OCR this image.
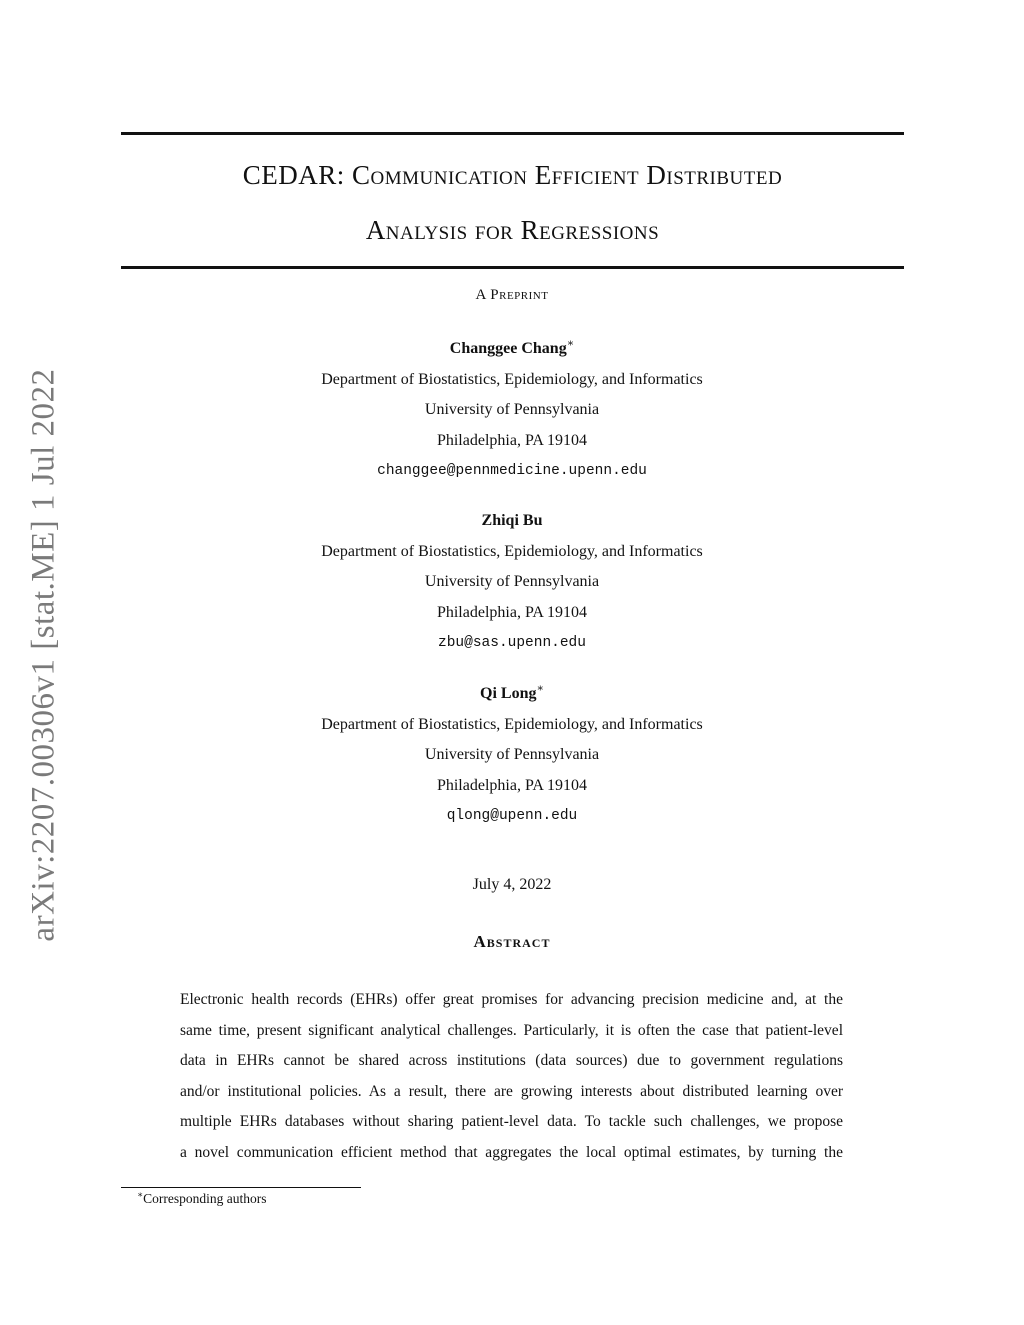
arXiv:2207.00306v1 [stat.ME] 1 Jul 2022
CEDAR: Communication Efficient Distributed
Analysis for Regressions
A Preprint
Changgee Chang∗
Department of Biostatistics, Epidemiology, and Informatics
University of Pennsylvania
Philadelphia, PA 19104
changgee@pennmedicine.upenn.edu
Zhiqi Bu
Department of Biostatistics, Epidemiology, and Informatics
University of Pennsylvania
Philadelphia, PA 19104
zbu@sas.upenn.edu
Qi Long∗
Department of Biostatistics, Epidemiology, and Informatics
University of Pennsylvania
Philadelphia, PA 19104
qlong@upenn.edu
July 4, 2022
Abstract
Electronic health records (EHRs) offer great promises for advancing precision medicine and, at the
same time, present significant analytical challenges. Particularly, it is often the case that patient-level
data in EHRs cannot be shared across institutions (data sources) due to government regulations
and/or institutional policies. As a result, there are growing interests about distributed learning over
multiple EHRs databases without sharing patient-level data. To tackle such challenges, we propose
a novel communication efficient method that aggregates the local optimal estimates, by turning the
∗Corresponding authors
